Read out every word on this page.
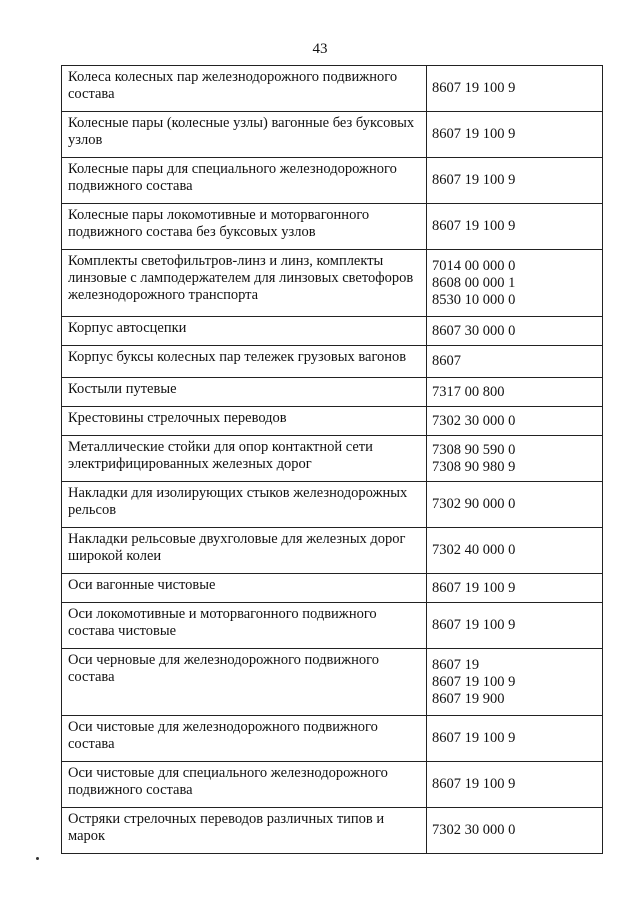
43
Колеса колесных пар железнодорожного подвижного состава	8607 19 100 9

Колесные пары (колесные узлы) вагонные без буксовых узлов	8607 19 100 9

Колесные пары для специального железнодорожного подвижного состава	8607 19 100 9

Колесные пары локомотивные и моторвагонного подвижного состава без буксовых узлов	8607 19 100 9

Комплекты светофильтров-линз и линз, комплекты линзовые с ламподержателем для линзовых светофоров железнодорожного транспорта	7014 00 000 0
8608 00 000 1
8530 10 000 0

Корпус автосцепки	8607 30 000 0

Корпус буксы колесных пар тележек грузовых вагонов	8607

Костыли путевые	7317 00 800

Крестовины стрелочных переводов	7302 30 000 0

Металлические стойки для опор контактной сети электрифицированных железных дорог	7308 90 590 0
7308 90 980 9

Накладки для изолирующих стыков железнодорожных рельсов	7302 90 000 0

Накладки рельсовые двухголовые для железных дорог широкой колеи	7302 40 000 0

Оси вагонные чистовые	8607 19 100 9

Оси локомотивные и моторвагонного подвижного состава чистовые	8607 19 100 9

Оси черновые для железнодорожного подвижного состава	8607 19
8607 19 100 9
8607 19 900

Оси чистовые для железнодорожного подвижного состава	8607 19 100 9

Оси чистовые для специального железнодорожного подвижного состава	8607 19 100 9

Остряки стрелочных переводов различных типов и марок	7302 30 000 0
